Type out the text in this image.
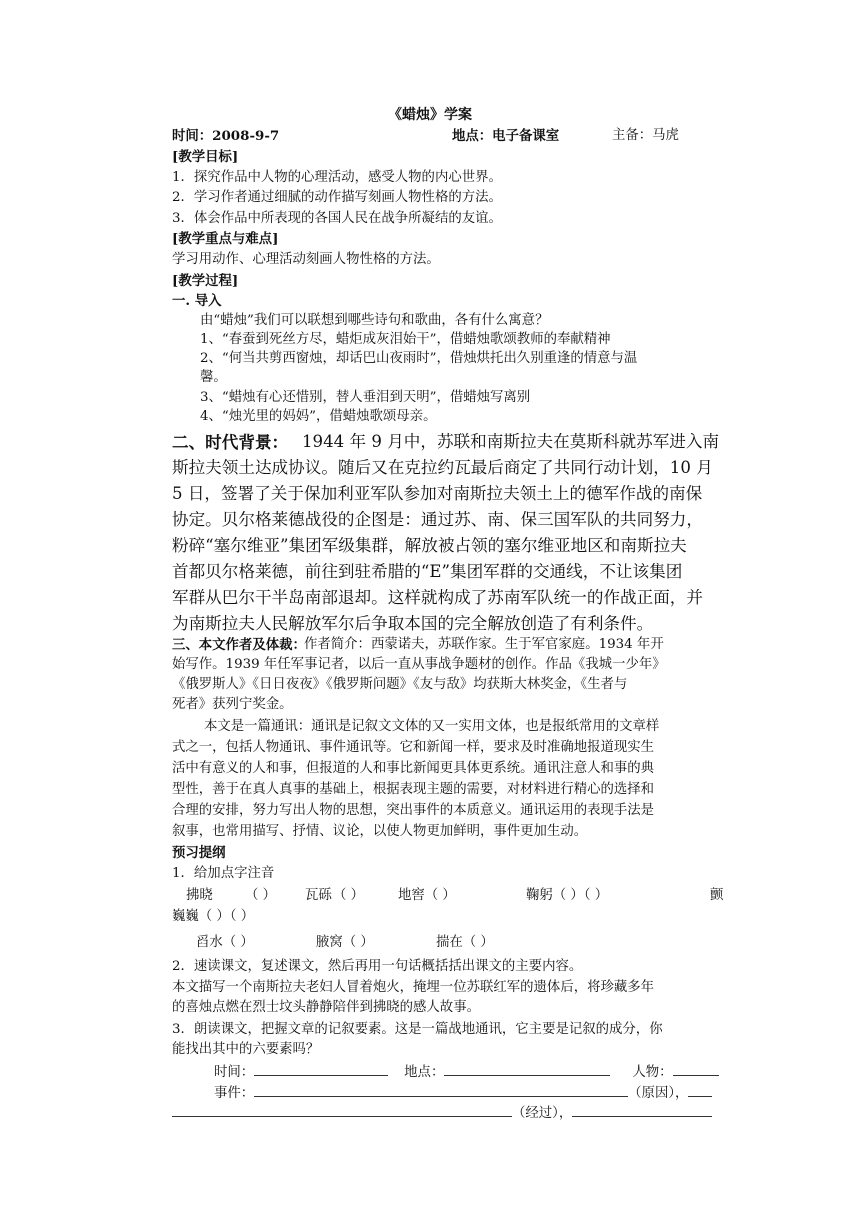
《蜡烛》学案
时间：2008-9-7	地点：电子备课室	主备：马虎
[教学目标]
1．探究作品中人物的心理活动，感受人物的内心世界。
2．学习作者通过细腻的动作描写刻画人物性格的方法。
3．体会作品中所表现的各国人民在战争所凝结的友谊。
[教学重点与难点]
学习用动作、心理活动刻画人物性格的方法。
[教学过程]
一. 导入
由“蜡烛”我们可以联想到哪些诗句和歌曲，各有什么寓意？
1、“春蚕到死丝方尽，蜡炬成灰泪始干”，借蜡烛歌颂教师的奉献精神
2、“何当共剪西窗烛，却话巴山夜雨时”，借烛烘托出久别重逢的情意与温
馨。
3、“蜡烛有心还惜别，替人垂泪到天明”，借蜡烛写离别
4、“烛光里的妈妈”，借蜡烛歌颂母亲。
二、时代背景： 1944 年 9 月中，苏联和南斯拉夫在莫斯科就苏军进入南
斯拉夫领土达成协议。随后又在克拉约瓦最后商定了共同行动计划，10 月
5 日，签署了关于保加利亚军队参加对南斯拉夫领土上的德军作战的南保
协定。贝尔格莱德战役的企图是：通过苏、南、保三国军队的共同努力，
粉碎“塞尔维亚”集团军级集群，解放被占领的塞尔维亚地区和南斯拉夫
首都贝尔格莱德，前往到驻希腊的“E”集团军群的交通线，不让该集团
军群从巴尔干半岛南部退却。这样就构成了苏南军队统一的作战正面，并
为南斯拉夫人民解放军尔后争取本国的完全解放创造了有利条件。
三、本文作者及体裁：
作者简介：西蒙诺夫，苏联作家。生于军官家庭。1934 年开
始写作。1939 年任军事记者，以后一直从事战争题材的创作。作品《我城一少年》
《俄罗斯人》《日日夜夜》《俄罗斯问题》《友与敌》均获斯大林奖金，《生者与
死者》获列宁奖金。
本文是一篇通讯：通讯是记叙文文体的又一实用文体，也是报纸常用的文章样
式之一，包括人物通讯、事件通讯等。它和新闻一样，要求及时准确地报道现实生
活中有意义的人和事，但报道的人和事比新闻更具体更系统。通讯注意人和事的典
型性，善于在真人真事的基础上，根据表现主题的需要，对材料进行精心的选择和
合理的安排，努力写出人物的思想，突出事件的本质意义。通讯运用的表现手法是
叙事，也常用描写、抒情、议论，以使人物更加鲜明，事件更加生动。
预习提纲
1．给加点字注音
拂晓 （ ） 瓦砾 （ ）	地窖（ ）	鞠躬（ ）（ ）	颤
巍巍（ ）（ ）
舀水（ ）	腋窝（ ）	揣在（ ）
2．速读课文，复述课文，然后再用一句话概括括出课文的主要内容。
本文描写一个南斯拉夫老妇人冒着炮火，掩埋一位苏联红军的遗体后，将珍藏多年
的喜烛点燃在烈士坟头静静陪伴到拂晓的感人故事。
3．朗读课文，把握文章的记叙要素。这是一篇战地通讯，它主要是记叙的成分，你
能找出其中的六要素吗？
时间：	地点：	人物：
事件：	（原因），
（经过），
